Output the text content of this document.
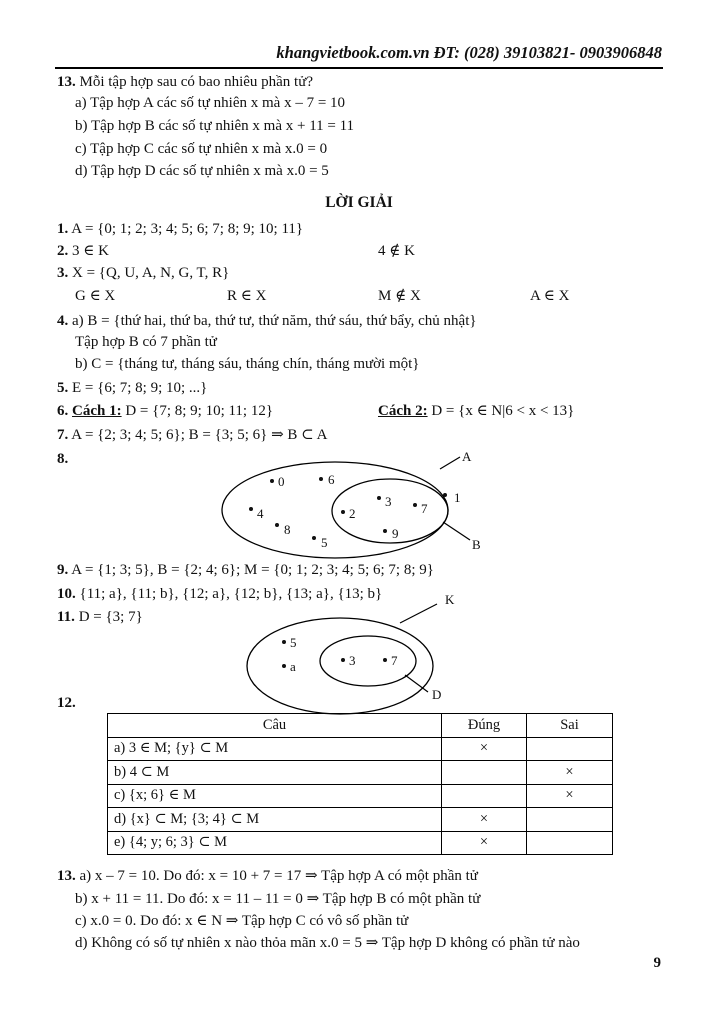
khangvietbook.com.vn ĐT: (028) 39103821- 0903906848
13. Mỗi tập hợp sau có bao nhiêu phần tử?
a) Tập hợp A các số tự nhiên x mà x – 7 = 10
b) Tập hợp B các số tự nhiên x mà x + 11 = 11
c) Tập hợp C các số tự nhiên x mà x.0 = 0
d) Tập hợp D các số tự nhiên x mà x.0 = 5
LỜI GIẢI
1. A = {0; 1; 2; 3; 4; 5; 6; 7; 8; 9; 10; 11}
2. 3 ∈ K	4 ∉ K
3. X = {Q, U, A, N, G, T, R}
G ∈ X	R ∈ X	M ∉ X	A ∈ X
4. a) B = {thứ hai, thứ ba, thứ tư, thứ năm, thứ sáu, thứ bẩy, chủ nhật}
Tập hợp B có 7 phần tử
b) C = {tháng tư, tháng sáu, tháng chín, tháng mười một}
5. E = {6; 7; 8; 9; 10; ...}
6. Cách 1: D = {7; 8; 9; 10; 11; 12}	Cách 2: D = {x ∈ N|6 < x < 13}
7. A = {2; 3; 4; 5; 6}; B = {3; 5; 6} ⇒ B ⊂ A
8.	A
B
0	6
4
8
5
1
2
3 7
9
K
D
5
a	3	7
9. A = {1; 3; 5}, B = {2; 4; 6}; M = {0; 1; 2; 3; 4; 5; 6; 7; 8; 9}
10. {11; a}, {11; b}, {12; a}, {12; b}, {13; a}, {13; b}
11. D = {3; 7}
12.
Câu	Đúng	Sai
a) 3 ∈ M; {y} ⊂ M	×	
b) 4 ⊂ M		×
c) {x; 6} ∈ M		×
d) {x} ⊂ M; {3; 4} ⊂ M	×	
e) {4; y; 6; 3} ⊂ M	×	
13. a) x – 7 = 10. Do đó: x = 10 + 7 = 17 ⇒ Tập hợp A có một phần tử
b) x + 11 = 11. Do đó: x = 11 – 11 = 0 ⇒ Tập hợp B có một phần tử
c) x.0 = 0. Do đó: x ∈ N ⇒ Tập hợp C có vô số phần tử
d) Không có số tự nhiên x nào thỏa mãn x.0 = 5 ⇒ Tập hợp D không có phần tử nào
9
